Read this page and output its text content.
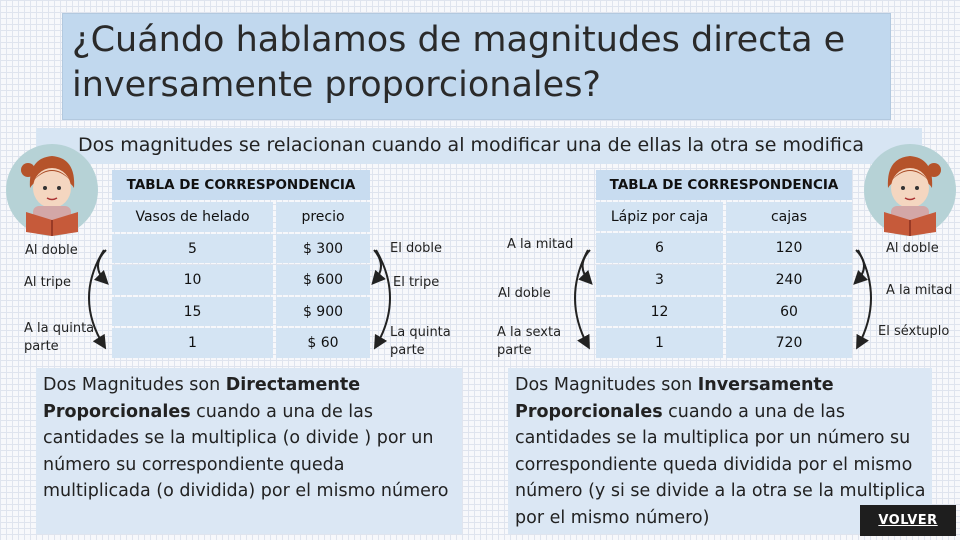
¿Cuándo hablamos de magnitudes directa e inversamente proporcionales?
Dos magnitudes se relacionan cuando al modificar una de ellas la otra se modifica
TABLA DE CORRESPONDENCIA
Vasos de helado	precio
5	$ 300
10	$ 600
15	$ 900
1	$ 60
Al doble
Al tripe
A la quinta parte
El doble
El tripe
La quinta parte
TABLA DE CORRESPONDENCIA
Lápiz por caja	cajas
6	120
3	240
12	60
1	720
A la mitad
Al doble
A la sexta parte
Al doble
A la mitad
El séxtuplo
Dos Magnitudes son Directamente Proporcionales cuando a una de las cantidades se la multiplica (o divide ) por un número su correspondiente queda multiplicada (o dividida) por el mismo número
Dos Magnitudes son Inversamente Proporcionales cuando a una de las cantidades se la multiplica por un número su correspondiente queda dividida por el mismo número (y si se divide a la otra se la multiplica por el mismo número)	VOLVER
